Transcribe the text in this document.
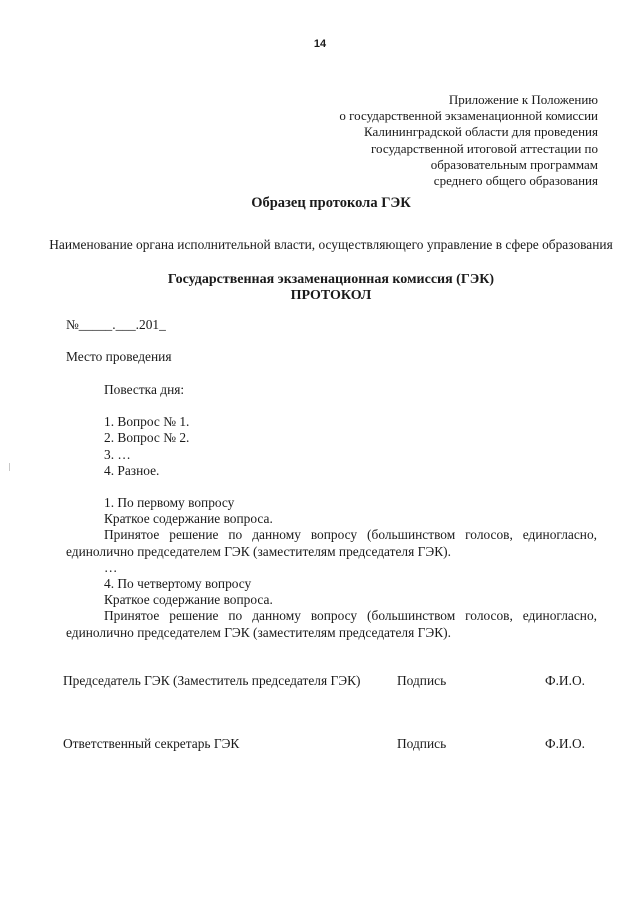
14
Приложение к Положению
о государственной экзаменационной комиссии
Калининградской области для проведения
государственной итоговой аттестации по
образовательным программам
среднего общего образования
Образец протокола ГЭК
Наименование органа исполнительной власти, осуществляющего управление в сфере образования
Государственная экзаменационная комиссия (ГЭК)
ПРОТОКОЛ
№_____.___.201_
Место проведения
Повестка дня:
1. Вопрос № 1.
2. Вопрос № 2.
3. …
4. Разное.
1. По первому вопросу
Краткое содержание вопроса.
Принятое решение по данному вопросу (большинством голосов, единогласно, единолично председателем ГЭК (заместителям председателя ГЭК).
…
4. По четвертому вопросу
Краткое содержание вопроса.
Принятое решение по данному вопросу (большинством голосов, единогласно, единолично председателем ГЭК (заместителям председателя ГЭК).
Председатель ГЭК (Заместитель председателя ГЭК)	Подпись	Ф.И.О.
Ответственный секретарь ГЭК	Подпись	Ф.И.О.
